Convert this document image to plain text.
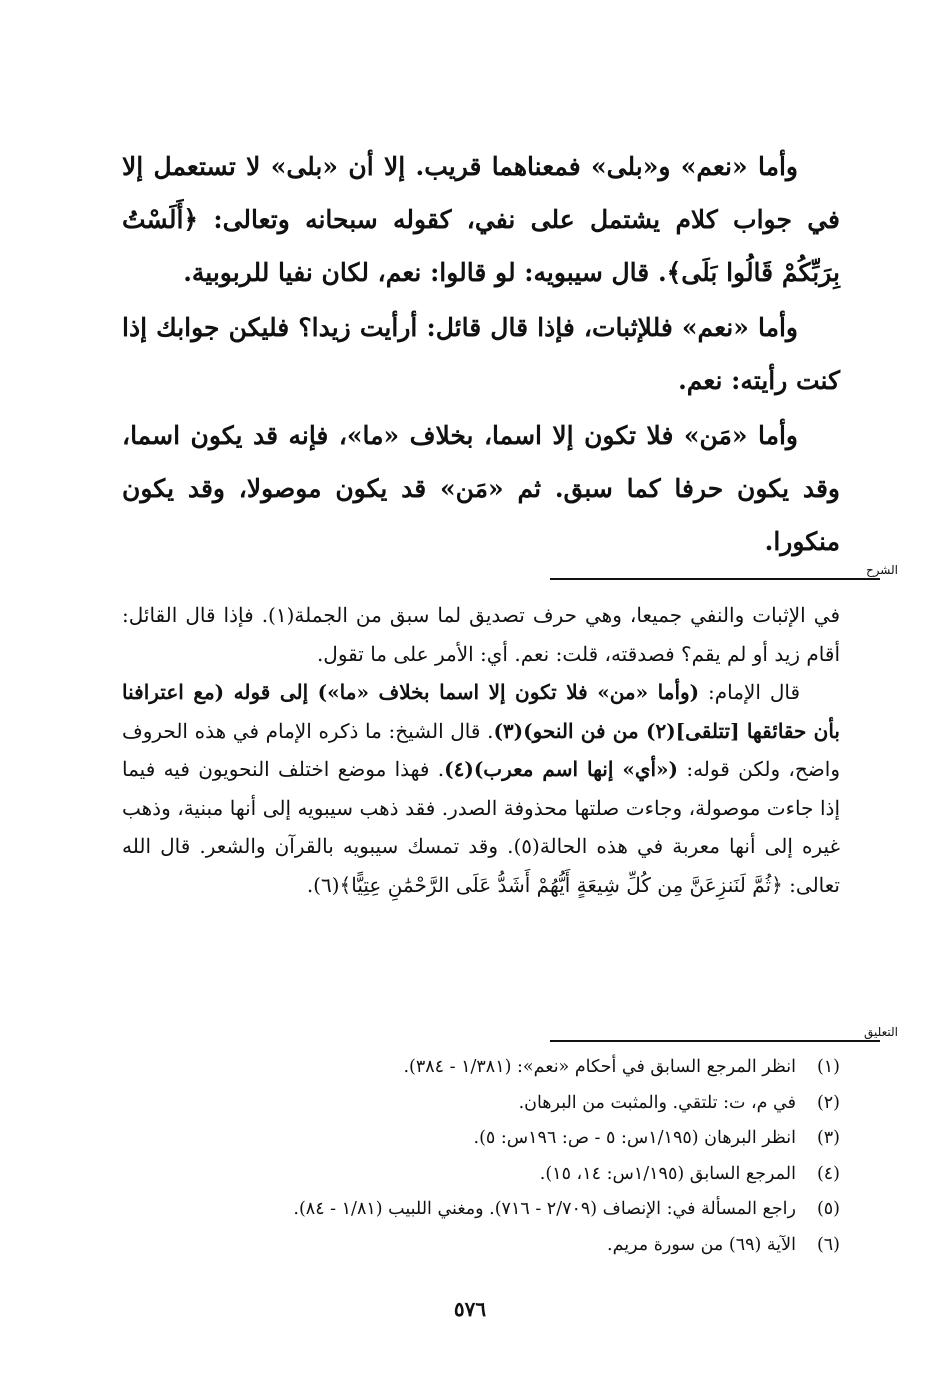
وأما «نعم» و«بلى» فمعناهما قريب. إلا أن «بلى» لا تستعمل إلا في جواب كلام يشتمل على نفي، كقوله سبحانه وتعالى: ﴿أَلَسْتُ بِرَبِّكُمْ قَالُوا بَلَى﴾. قال سيبويه: لو قالوا: نعم، لكان نفيا للربوبية.

وأما «نعم» فللإثبات، فإذا قال قائل: أرأيت زيدا؟ فليكن جوابك إذا كنت رأيته: نعم.

وأما «مَن» فلا تكون إلا اسما، بخلاف «ما»، فإنه قد يكون اسما، وقد يكون حرفا كما سبق. ثم «مَن» قد يكون موصولا، وقد يكون منكورا.

الشرح

في الإثبات والنفي جميعا، وهي حرف تصديق لما سبق من الجملة(١). فإذا قال القائل: أقام زيد أو لم يقم؟ فصدقته، قلت: نعم. أي: الأمر على ما تقول.

قال الإمام: (وأما «من» فلا تكون إلا اسما بخلاف «ما») إلى قوله (مع اعترافنا بأن حقائقها [تتلقى](٢) من فن النحو)(٣). قال الشيخ: ما ذكره الإمام في هذه الحروف واضح، ولكن قوله: («أي» إنها اسم معرب)(٤). فهذا موضع اختلف النحويون فيه فيما إذا جاءت موصولة، وجاءت صلتها محذوفة الصدر. فقد ذهب سيبويه إلى أنها مبنية، وذهب غيره إلى أنها معربة في هذه الحالة(٥). وقد تمسك سيبويه بالقرآن والشعر. قال الله تعالى: ﴿ثُمَّ لَنَنزِعَنَّ مِن كُلِّ شِيعَةٍ أَيُّهُمْ أَشَدُّ عَلَى الرَّحْمَٰنِ عِتِيًّا﴾(٦).

التعليق
(١)
انظر المرجع السابق في أحكام «نعم»: (١/٣٨١ - ٣٨٤).
(٢)
في م، ت: تلتقي. والمثبت من البرهان.
(٣)
انظر البرهان (١/١٩٥س: ٥ - ص: ١٩٦س: ٥).
(٤)
المرجع السابق (١/١٩٥س: ١٤، ١٥).
(٥)
راجع المسألة في: الإنصاف (٢/٧٠٩ - ٧١٦). ومغني اللبيب (١/٨١ - ٨٤).
(٦)
الآية (٦٩) من سورة مريم.
٥٧٦
